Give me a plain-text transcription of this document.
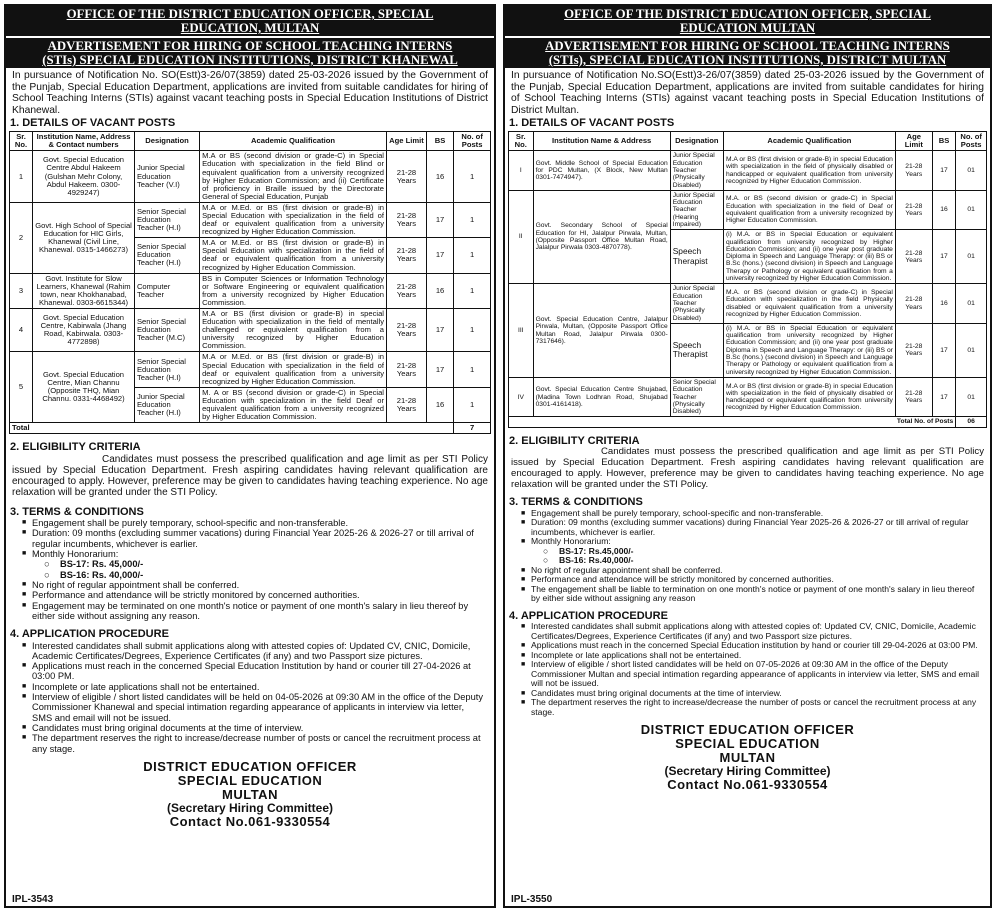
OFFICE OF THE DISTRICT EDUCATION OFFICER, SPECIAL
EDUCATION, MULTAN
ADVERTISEMENT FOR HIRING OF SCHOOL TEACHING INTERNS
(STIs) SPECIAL EDUCATION INSTITUTIONS, DISTRICT KHANEWAL

In pursuance of Notification No. SO(Estt)3-26/07(3859) dated 25-03-2026 issued by the Government of the Punjab, Special Education Department, applications are invited from suitable candidates for hiring of School Teaching Interns (STIs) against vacant teaching posts in Special Education Institutions of District Khanewal.

1. DETAILS OF VACANT POSTS
Sr. No.	Institution Name, Address & Contact numbers	Designation	Academic Qualification	Age Limit	BS	No. of Posts
1	Govt. Special Education Centre Abdul Hakeem (Gulshan Mehr Colony, Abdul Hakeem. 0300-4929247)	Junior Special Education Teacher (V.I)	M.A or BS (second division or grade-C) in Special Education with specialization in the field Blind or equivalent qualification from a university recognized by Higher Education Commission; and (ii) Certificate of proficiency in Braille issued by the Directorate General of Special Education, Punjab	21-28 Years	16	1
2	Govt. High School of Special Education for HIC Girls, Khanewal (Civil Line, Khanewal. 0315-1466273)	Senior Special Education Teacher (H.I)	M.A or M.Ed. or BS (first division or grade-B) in Special Education with specialization in the field of deaf or equivalent qualification from a university recognized by Higher Education Commission.	21-28 Years	17	1
		Senior Special Education Teacher (H.I)	M.A or M.Ed. or BS (first division or grade-B) in Special Education with specialization in the field of deaf or equivalent qualification from a university recognized by Higher Education Commission.	21-28 Years	17	1
3	Govt. Institute for Slow Learners, Khanewal (Rahim town, near Khokhanabad, Khanewal. 0303-6615344)	Computer Teacher	BS in Computer Sciences or Information Technology or Software Engineering or equivalent qualification from a university recognized by Higher Education Commission.	21-28 Years	16	1
4	Govt. Special Education Centre, Kabirwala (Jhang Road, Kabirwala. 0303-4772898)	Senior Special Education Teacher (M.C)	M.A or BS (first division or grade-B) in special Education with specialization in the field of mentally challenged or equivalent qualification from a university recognized by Higher Education Commission.	21-28 Years	17	1
5	Govt. Special Education Centre, Mian Channu (Opposite THQ, Mian Channu. 0331-4468492)	Senior Special Education Teacher (H.I)	M.A or M.Ed. or BS (first division or grade-B) in Special Education with specialization in the field of deaf or equivalent qualification from a university recognized by Higher Education Commission.	21-28 Years	17	1
		Junior Special Education Teacher (H.I)	M. A or BS (second division or grade-C) in Special Education with specialization in the field Deaf or equivalent qualification from a university recognized by Higher Education Commission.	21-28 Years	16	1
Total						7
2. ELIGIBILITY CRITERIA

Candidates must possess the prescribed qualification and age limit as per STI Policy issued by Special Education Department. Fresh aspiring candidates having relevant qualification are encouraged to apply. However, preference may be given to candidates having teaching experience. No age relaxation will be granted under the STI Policy.

3. TERMS & CONDITIONS
■ Engagement shall be purely temporary, school-specific and non-transferable.
■ Duration: 09 months (excluding summer vacations) during Financial Year 2025-26 & 2026-27 or till arrival of regular incumbents, whichever is earlier.
■ Monthly Honorarium:
○ BS-17: Rs. 45,000/-
○ BS-16: Rs. 40,000/-
■ No right of regular appointment shall be conferred.
■ Performance and attendance will be strictly monitored by concerned authorities.
■ Engagement may be terminated on one month's notice or payment of one month's salary in lieu thereof by either side without assigning any reason.
4. APPLICATION PROCEDURE
■ Interested candidates shall submit applications along with attested copies of: Updated CV, CNIC, Domicile, Academic Certificates/Degrees, Experience Certificates (if any) and two Passport size pictures.
■ Applications must reach in the concerned Special Education Institution by hand or courier till 27-04-2026 at 03:00 PM.
■ Incomplete or late applications shall not be entertained.
■ Interview of eligible / short listed candidates will be held on 04-05-2026 at 09:30 AM in the office of the Deputy Commissioner Khanewal and special intimation regarding appearance of applicants in interview via letter, SMS and email will not be issued.
■ Candidates must bring original documents at the time of interview.
■ The department reserves the right to increase/decrease number of posts or cancel the recruitment process at any stage.
DISTRICT EDUCATION OFFICER
SPECIAL EDUCATION
MULTAN
(Secretary Hiring Committee)
Contact No.061-9330554
IPL-3543
OFFICE OF THE DISTRICT EDUCATION OFFICER, SPECIAL
EDUCATION MULTAN
ADVERTISEMENT FOR HIRING OF SCHOOL TEACHING INTERNS
(STIs), SPECIAL EDUCATION INSTITUTIONS, DISTRICT MULTAN

In pursuance of Notification No.SO(Estt)3-26/07(3859) dated 25-03-2026 issued by the Government of the Punjab, Special Education Department, applications are invited from suitable candidates for hiring of School Teaching Interns (STIs) against vacant teaching posts in Special Education Institutions of District Multan.

1. DETAILS OF VACANT POSTS
Sr. No.	Institution Name & Address	Designation	Academic Qualification	Age Limit	BS	No. of Posts
I	Govt. Middle School of Special Education for PDC Multan, (X Block, New Multan 0301-7474947).	Junior Special Education Teacher (Physically Disabled)	M.A or BS (first division or grade-B) in special Education with specialization in the field of physically disabled or handicapped or equivalent qualification from university recognized by Higher Education Commission.	21-28 Years	17	01
II	Govt. Secondary School of Special Education for HI, Jalalpur Pirwala, Multan, (Opposite Passport Office Multan Road, Jalalpur Pirwala 0303-4870778).	Junior Special Education Teacher (Hearing Impaired)	M.A. or BS (second division or grade-C) in Special Education with specialization in the field of Deaf or equivalent qualification from a university recognized by Higher Education Commission.	21-28 Years	16	01
		Speech Therapist	(i) M.A. or BS in Special Education or equivalent qualification from university recognized by Higher Education Commission; and (ii) one year post graduate Diploma in Speech and Language Therapy: or (iii) BS or B.Sc (hons.) (second division) in Speech and Language Therapy or Pathology or equivalent qualification from a university recognized by Higher Education Commission.	21-28 Years	17	01
III	Govt. Special Education Centre, Jalalpur Pirwala, Multan, (Opposite Passport Office Multan Road, Jalalpur Pirwala 0300-7317646).	Junior Special Education Teacher (Physically Disabled)	M.A. or BS (second division or grade-C) in Special Education with specialization in the field Physically disabled or equivalent qualification from a university recognized by Higher Education Commission.	21-28 Years	16	01
		Speech Therapist	(i) M.A. or BS in Special Education or equivalent qualification from university recognized by Higher Education Commission; and (ii) one year post graduate Diploma in Speech and Language Therapy: or (iii) BS or B.Sc (hons.) (second division) in Speech and Language Therapy or Pathology or equivalent qualification from a university recognized by Higher Education Commission.	21-28 Years	17	01
IV	Govt. Special Education Centre Shujabad, (Madina Town Lodhran Road, Shujabad 0301-4161418).	Senior Special Education Teacher (Physically Disabled)	M.A or BS (first division or grade-B) in special Education with specialization in the field of physically disabled or handicapped or equivalent qualification from university recognized by Higher Education Commission.	21-28 Years	17	01
Total No. of Posts						06
2. ELIGIBILITY CRITERIA

Candidates must possess the prescribed qualification and age limit as per STI Policy issued by Special Education Department. Fresh aspiring candidates having relevant qualification are encouraged to apply. However, preference may be given to candidates having teaching experience. No age relaxation will be granted under the STI Policy.

3. TERMS & CONDITIONS
■ Engagement shall be purely temporary, school-specific and non-transferable.
■ Duration: 09 months (excluding summer vacations) during Financial Year 2025-26 & 2026-27 or till arrival of regular incumbents, whichever is earlier.
■ Monthly Honorarium:
○ BS-17: Rs.45,000/-
○ BS-16: Rs.40,000/-
■ No right of regular appointment shall be conferred.
■ Performance and attendance will be strictly monitored by concerned authorities.
■ The engagement shall be liable to termination on one month's notice or payment of one month's salary in lieu thereof by either side without assigning any reason
4. APPLICATION PROCEDURE
■ Interested candidates shall submit applications along with attested copies of: Updated CV, CNIC, Domicile, Academic Certificates/Degrees, Experience Certificates (if any) and two Passport size pictures.
■ Applications must reach in the concerned Special Education institution by hand or courier till 29-04-2026 at 03:00 PM.
■ Incomplete or late applications shall not be entertained.
■ Interview of eligible / short listed candidates will be held on 07-05-2026 at 09:30 AM in the office of the Deputy Commissioner Multan and special intimation regarding appearance of applicants in interview via letter, SMS and email will not be issued.
■ Candidates must bring original documents at the time of interview.
■ The department reserves the right to increase/decrease the number of posts or cancel the recruitment process at any stage.
DISTRICT EDUCATION OFFICER
SPECIAL EDUCATION
MULTAN
(Secretary Hiring Committee)
Contact No.061-9330554
IPL-3550
